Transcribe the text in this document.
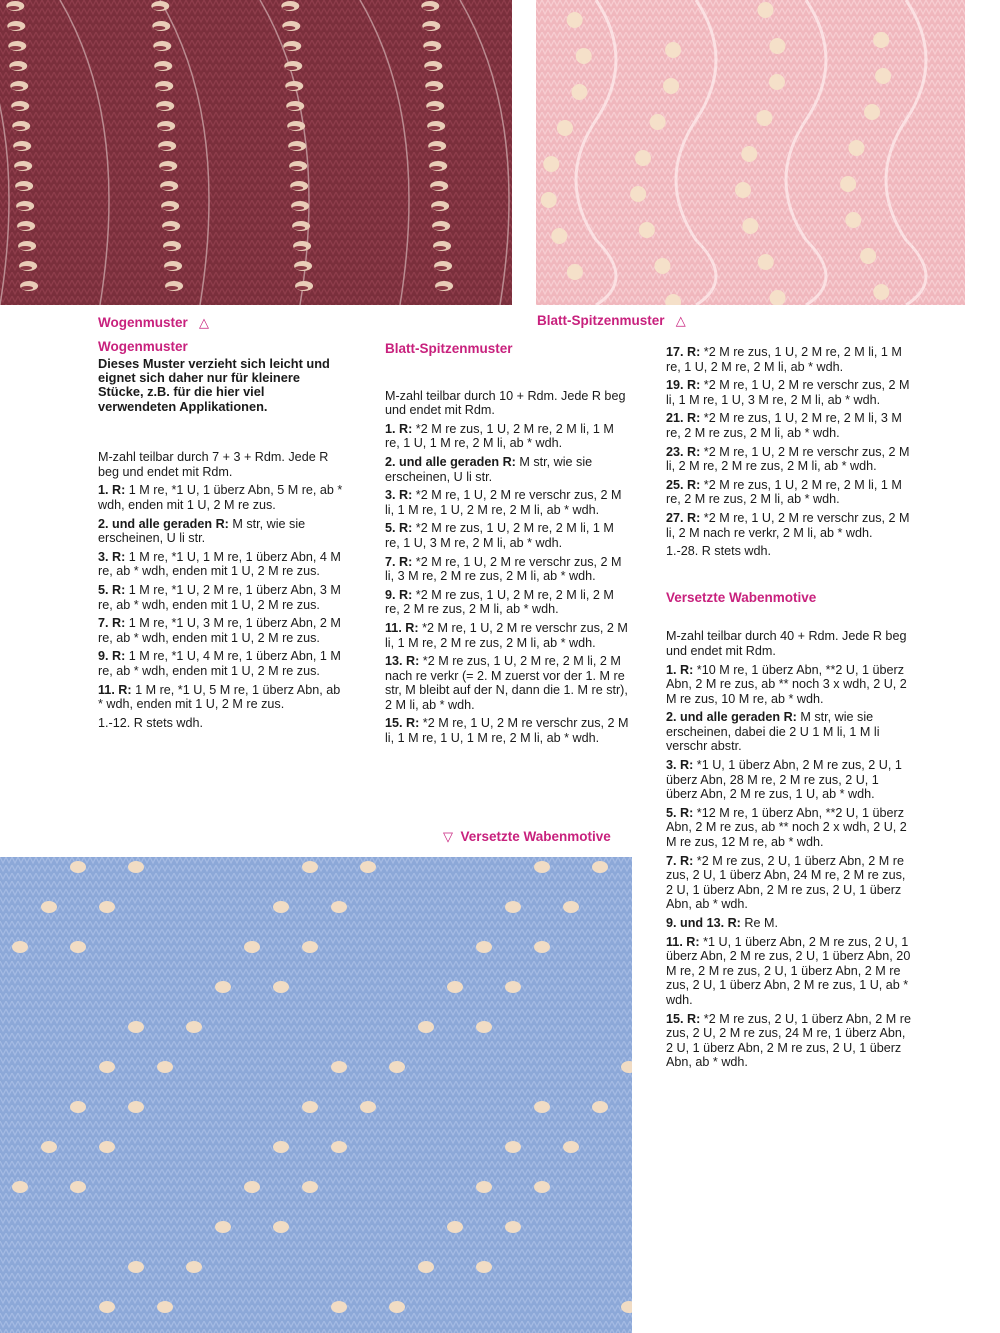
Wogenmuster △	Blatt-Spitzenmuster △
▽ Versetzte Wabenmotive
Wogenmuster

Dieses Muster verzieht sich leicht und eignet sich daher nur für kleinere Stücke, z.B. für die hier viel verwendeten Applikationen.

M-zahl teilbar durch 7 + 3 + Rdm. Jede R beg und endet mit Rdm.

1. R: 1 M re, *1 U, 1 überz Abn, 5 M re, ab * wdh, enden mit 1 U, 2 M re zus.

2. und alle geraden R: M str, wie sie erscheinen, U li str.

3. R: 1 M re, *1 U, 1 M re, 1 überz Abn, 4 M re, ab * wdh, enden mit 1 U, 2 M re zus.

5. R: 1 M re, *1 U, 2 M re, 1 überz Abn, 3 M re, ab * wdh, enden mit 1 U, 2 M re zus.

7. R: 1 M re, *1 U, 3 M re, 1 überz Abn, 2 M re, ab * wdh, enden mit 1 U, 2 M re zus.

9. R: 1 M re, *1 U, 4 M re, 1 überz Abn, 1 M re, ab * wdh, enden mit 1 U, 2 M re zus.

11. R: 1 M re, *1 U, 5 M re, 1 überz Abn, ab * wdh, enden mit 1 U, 2 M re zus.

1.-12. R stets wdh.

Blatt-Spitzenmuster

M-zahl teilbar durch 10 + Rdm. Jede R beg und endet mit Rdm.

1. R: *2 M re zus, 1 U, 2 M re, 2 M li, 1 M re, 1 U, 1 M re, 2 M li, ab * wdh.

2. und alle geraden R: M str, wie sie erscheinen, U li str.

3. R: *2 M re, 1 U, 2 M re verschr zus, 2 M li, 1 M re, 1 U, 2 M re, 2 M li, ab * wdh.

5. R: *2 M re zus, 1 U, 2 M re, 2 M li, 1 M re, 1 U, 3 M re, 2 M li, ab * wdh.

7. R: *2 M re, 1 U, 2 M re verschr zus, 2 M li, 3 M re, 2 M re zus, 2 M li, ab * wdh.

9. R: *2 M re zus, 1 U, 2 M re, 2 M li, 2 M re, 2 M re zus, 2 M li, ab * wdh.

11. R: *2 M re, 1 U, 2 M re verschr zus, 2 M li, 1 M re, 2 M re zus, 2 M li, ab * wdh.

13. R: *2 M re zus, 1 U, 2 M re, 2 M li, 2 M nach re verkr (= 2. M zuerst vor der 1. M re str, M bleibt auf der N, dann die 1. M re str), 2 M li, ab * wdh.

15. R: *2 M re, 1 U, 2 M re verschr zus, 2 M li, 1 M re, 1 U, 1 M re, 2 M li, ab * wdh.

17. R: *2 M re zus, 1 U, 2 M re, 2 M li, 1 M re, 1 U, 2 M re, 2 M li, ab * wdh.

19. R: *2 M re, 1 U, 2 M re verschr zus, 2 M li, 1 M re, 1 U, 3 M re, 2 M li, ab * wdh.

21. R: *2 M re zus, 1 U, 2 M re, 2 M li, 3 M re, 2 M re zus, 2 M li, ab * wdh.

23. R: *2 M re, 1 U, 2 M re verschr zus, 2 M li, 2 M re, 2 M re zus, 2 M li, ab * wdh.

25. R: *2 M re zus, 1 U, 2 M re, 2 M li, 1 M re, 2 M re zus, 2 M li, ab * wdh.

27. R: *2 M re, 1 U, 2 M re verschr zus, 2 M li, 2 M nach re verkr, 2 M li, ab * wdh.

1.-28. R stets wdh.

Versetzte Wabenmotive

M-zahl teilbar durch 40 + Rdm. Jede R beg und endet mit Rdm.

1. R: *10 M re, 1 überz Abn, **2 U, 1 überz Abn, 2 M re zus, ab ** noch 3 x wdh, 2 U, 2 M re zus, 10 M re, ab * wdh.

2. und alle geraden R: M str, wie sie erscheinen, dabei die 2 U 1 M li, 1 M li verschr abstr.

3. R: *1 U, 1 überz Abn, 2 M re zus, 2 U, 1 überz Abn, 28 M re, 2 M re zus, 2 U, 1 überz Abn, 2 M re zus, 1 U, ab * wdh.

5. R: *12 M re, 1 überz Abn, **2 U, 1 überz Abn, 2 M re zus, ab ** noch 2 x wdh, 2 U, 2 M re zus, 12 M re, ab * wdh.

7. R: *2 M re zus, 2 U, 1 überz Abn, 2 M re zus, 2 U, 1 überz Abn, 24 M re, 2 M re zus, 2 U, 1 überz Abn, 2 M re zus, 2 U, 1 überz Abn, ab * wdh.

9. und 13. R: Re M.

11. R: *1 U, 1 überz Abn, 2 M re zus, 2 U, 1 überz Abn, 2 M re zus, 2 U, 1 überz Abn, 20 M re, 2 M re zus, 2 U, 1 überz Abn, 2 M re zus, 2 U, 1 überz Abn, 2 M re zus, 1 U, ab * wdh.

15. R: *2 M re zus, 2 U, 1 überz Abn, 2 M re zus, 2 U, 2 M re zus, 24 M re, 1 überz Abn, 2 U, 1 überz Abn, 2 M re zus, 2 U, 1 überz Abn, ab * wdh.
